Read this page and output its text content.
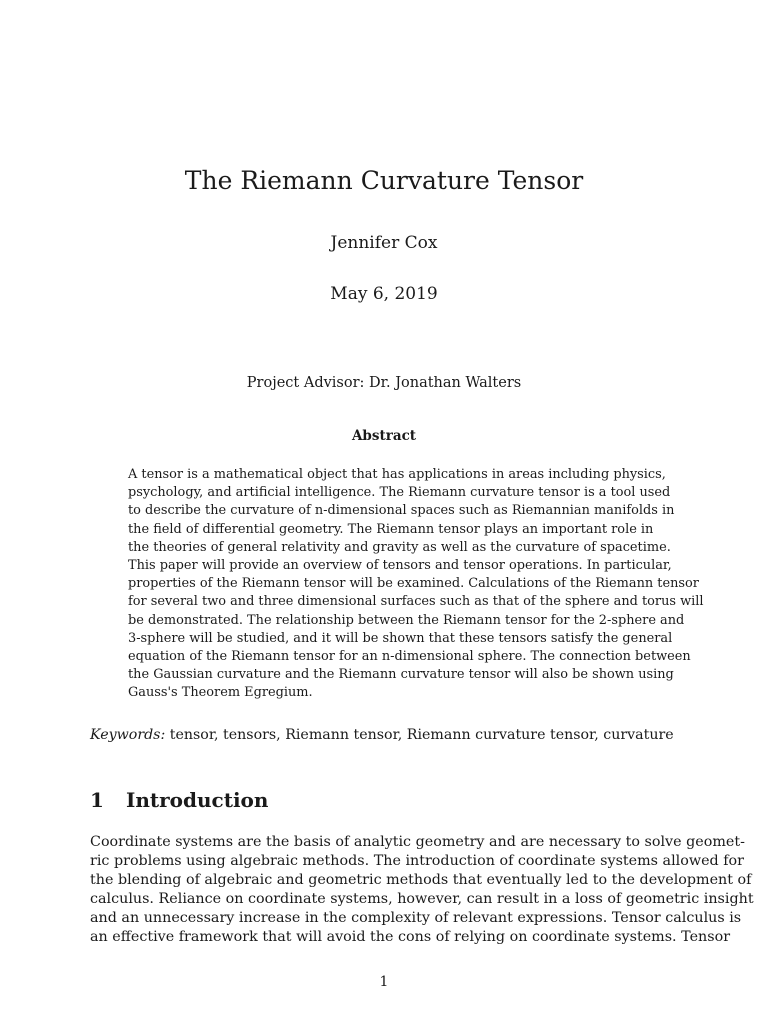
The Riemann Curvature Tensor
Jennifer Cox
May 6, 2019
Project Advisor: Dr. Jonathan Walters
Abstract
A tensor is a mathematical object that has applications in areas including physics,
psychology, and artificial intelligence. The Riemann curvature tensor is a tool used
to describe the curvature of n-dimensional spaces such as Riemannian manifolds in
the field of differential geometry. The Riemann tensor plays an important role in
the theories of general relativity and gravity as well as the curvature of spacetime.
This paper will provide an overview of tensors and tensor operations. In particular,
properties of the Riemann tensor will be examined. Calculations of the Riemann tensor
for several two and three dimensional surfaces such as that of the sphere and torus will
be demonstrated. The relationship between the Riemann tensor for the 2-sphere and
3-sphere will be studied, and it will be shown that these tensors satisfy the general
equation of the Riemann tensor for an n-dimensional sphere. The connection between
the Gaussian curvature and the Riemann curvature tensor will also be shown using
Gauss's Theorem Egregium.
Keywords: tensor, tensors, Riemann tensor, Riemann curvature tensor, curvature
1 Introduction
Coordinate systems are the basis of analytic geometry and are necessary to solve geomet-
ric problems using algebraic methods. The introduction of coordinate systems allowed for
the blending of algebraic and geometric methods that eventually led to the development of
calculus. Reliance on coordinate systems, however, can result in a loss of geometric insight
and an unnecessary increase in the complexity of relevant expressions. Tensor calculus is
an effective framework that will avoid the cons of relying on coordinate systems. Tensor
1
